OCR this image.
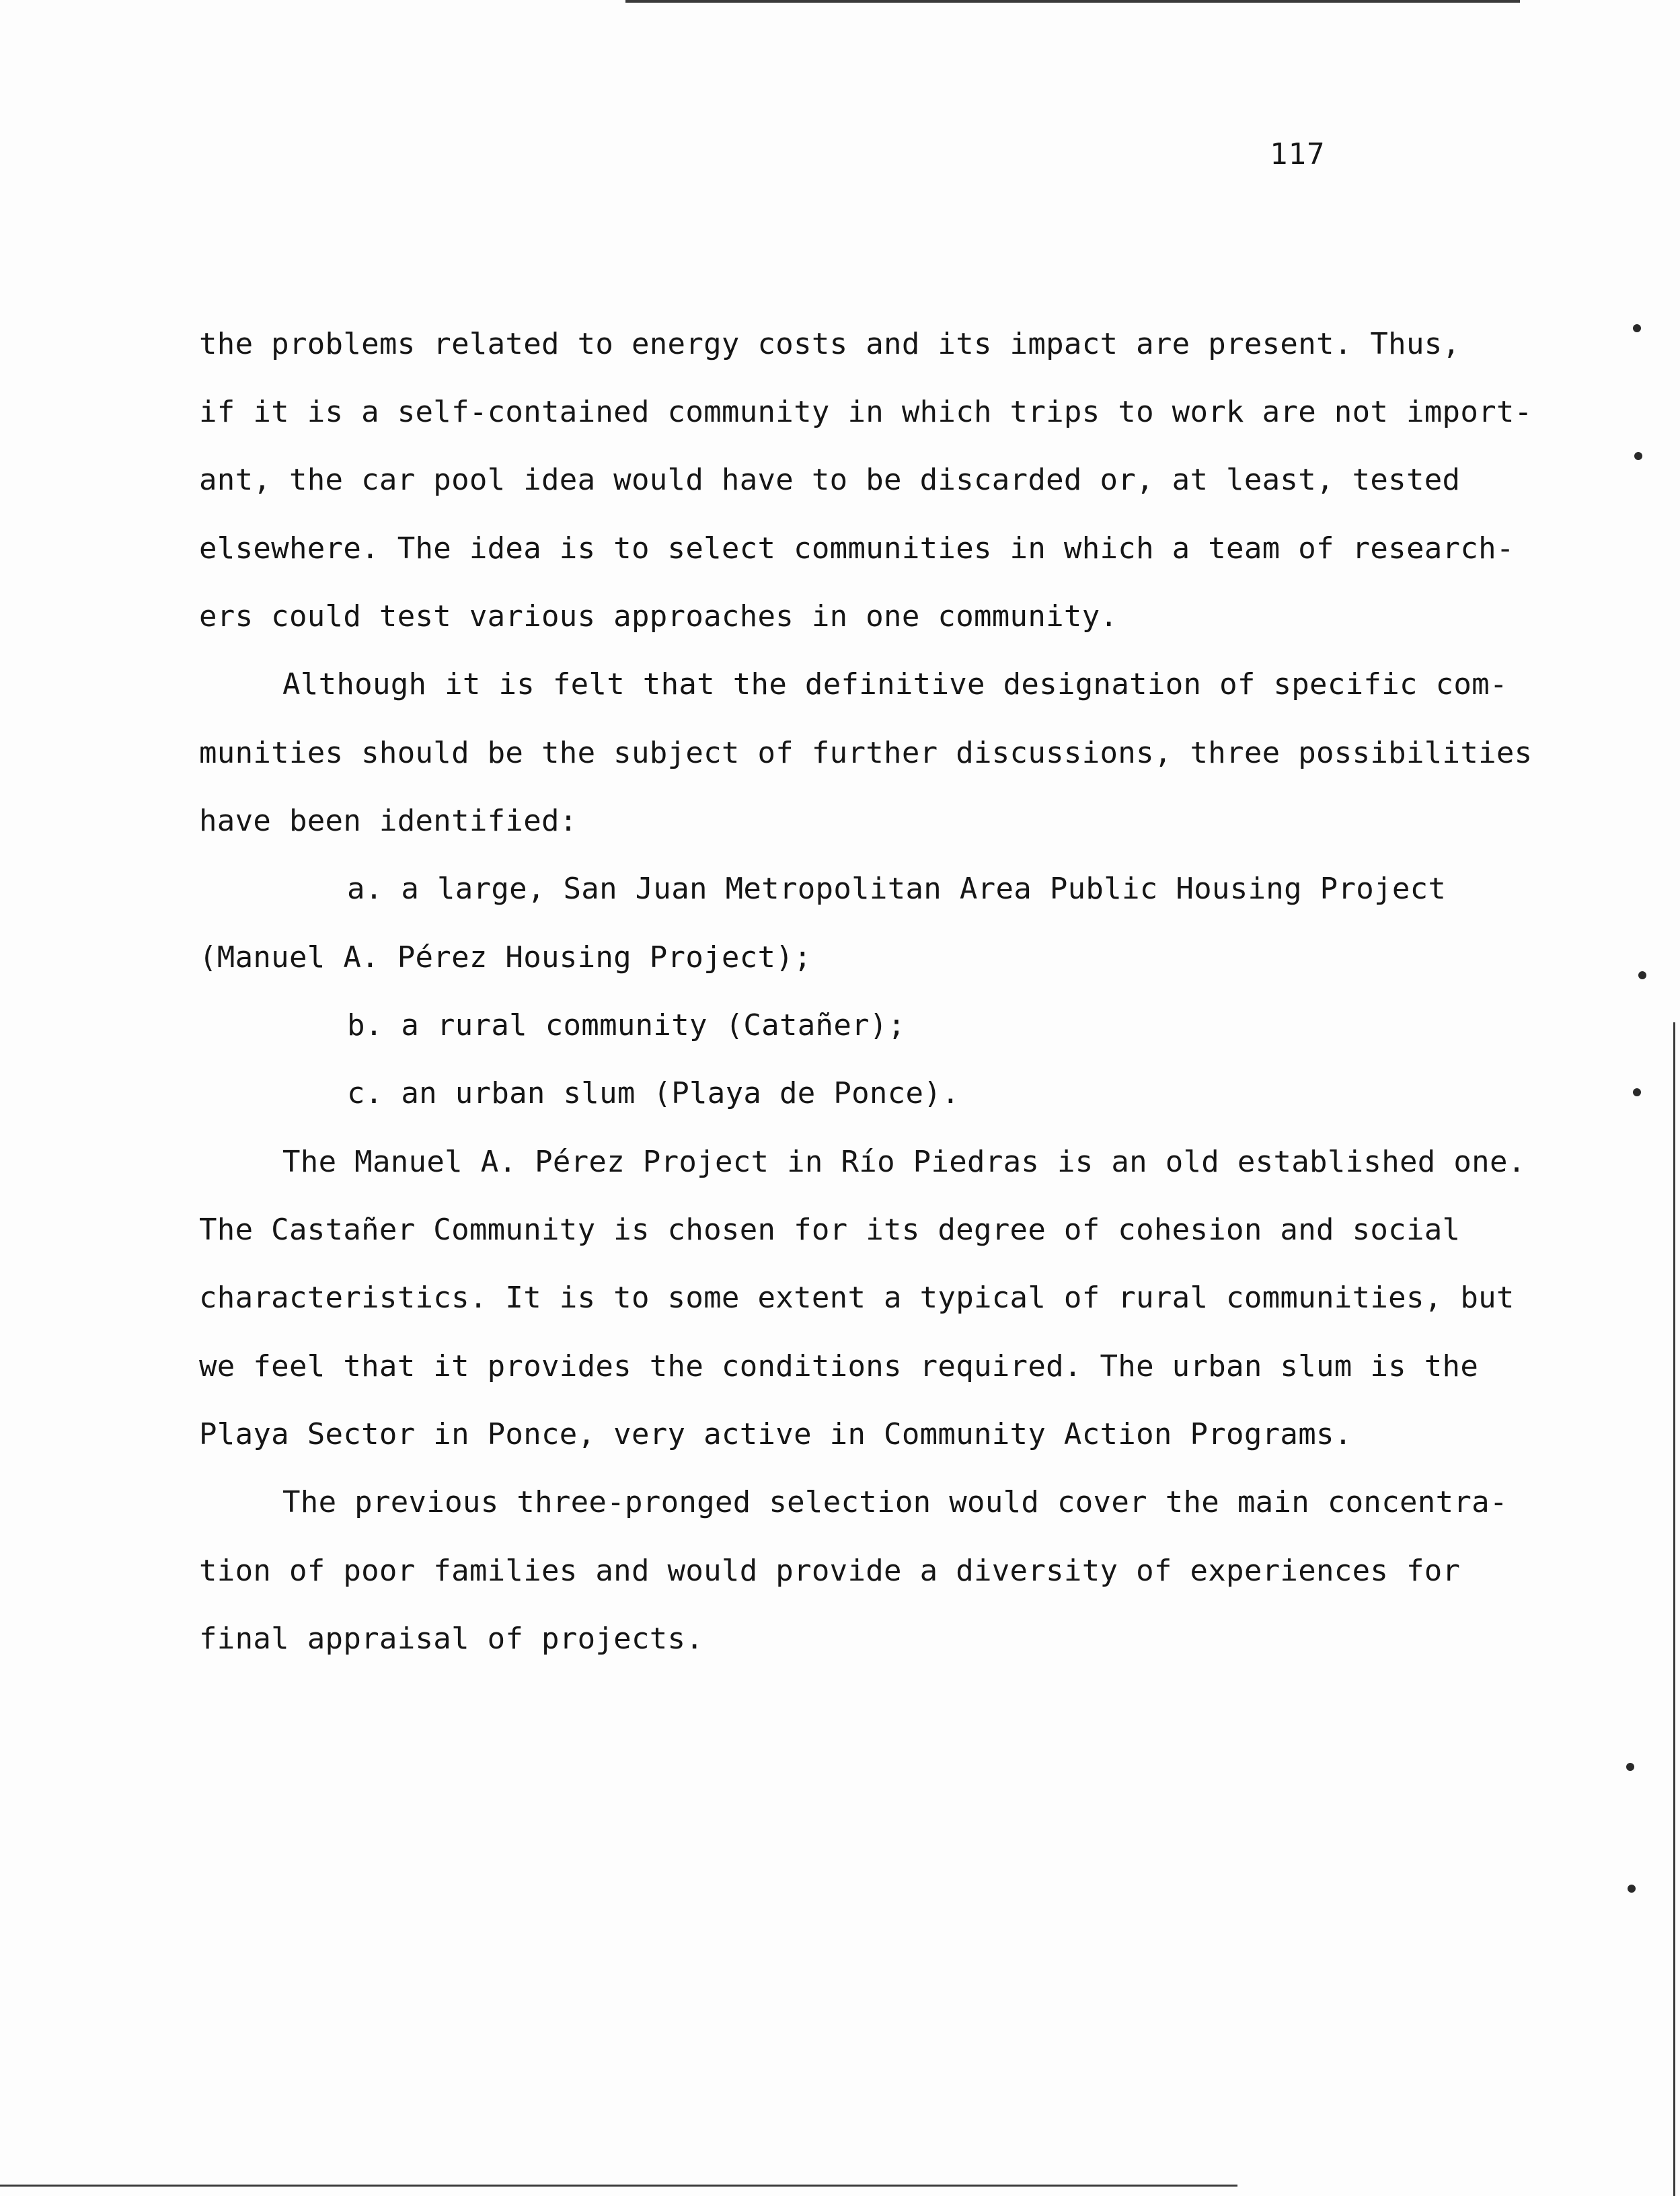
117
the problems related to energy costs and its impact are present. Thus,
if it is a self-contained community in which trips to work are not import-
ant, the car pool idea would have to be discarded or, at least, tested
elsewhere. The idea is to select communities in which a team of research-
ers could test various approaches in one community.
Although it is felt that the definitive designation of specific com-
munities should be the subject of further discussions, three possibilities
have been identified:
a. a large, San Juan Metropolitan Area Public Housing Project
(Manuel A. Pérez Housing Project);
b. a rural community (Catañer);
c. an urban slum (Playa de Ponce).
The Manuel A. Pérez Project in Río Piedras is an old established one.
The Castañer Community is chosen for its degree of cohesion and social
characteristics. It is to some extent a typical of rural communities, but
we feel that it provides the conditions required. The urban slum is the
Playa Sector in Ponce, very active in Community Action Programs.
The previous three-pronged selection would cover the main concentra-
tion of poor families and would provide a diversity of experiences for
final appraisal of projects.
